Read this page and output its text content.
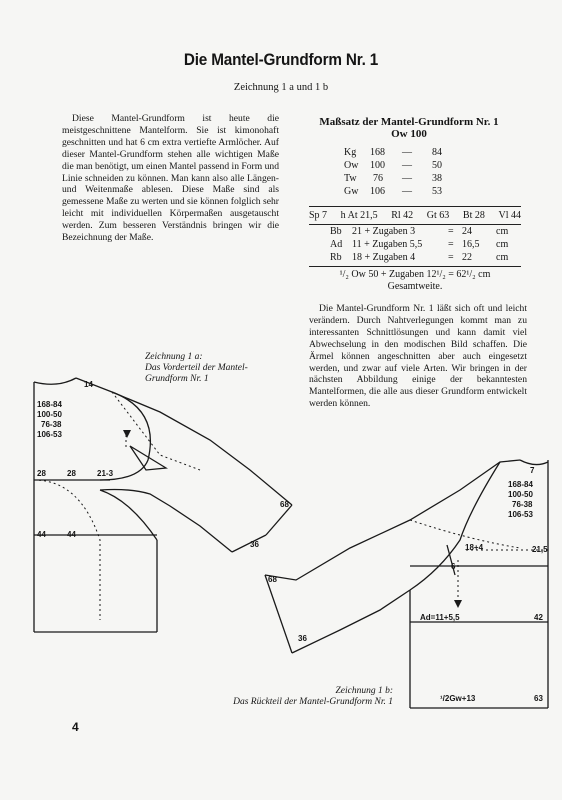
Die Mantel-Grundform Nr. 1
Zeichnung 1 a und 1 b
Diese Mantel-Grundform ist heute die meistgeschnittene Mantelform. Sie ist kimonohaft geschnitten und hat 6 cm extra vertiefte Armlöcher. Auf dieser Mantel-Grundform stehen alle wichtigen Maße die man benötigt, um einen Mantel passend in Form und Linie schneiden zu können. Man kann also alle Längen- und Weitenmaße ablesen. Diese Maße sind als gemessene Maße zu werten und sie können folglich sehr leicht mit individuellen Körpermaßen ausgetauscht werden. Zum besseren Verständnis bringen wir die Bezeichnung der Maße.
Maßsatz der Mantel-Grundform Nr. 1
Ow 100
Kg 168 — 84
Ow 100 — 50
Tw 76 — 38
Gw 106 — 53
Sp 7 h At 21,5 Rl 42 Gt 63 Bt 28 Vl 44
Bb 21 + Zugaben 3	= 24 cm
Ad 11 + Zugaben 5,5	= 16,5 cm
Rb 18 + Zugaben 4	= 22 cm
¹/₂ Ow 50 + Zugaben 12¹/₂ = 62¹/₂ cm
Gesamtweite.
Die Mantel-Grundform Nr. 1 läßt sich oft und leicht verändern. Durch Nahtverlegungen kommt man zu interessanten Schnittlösungen und kann damit viel Abwechselung in den modischen Bild schaffen. Die Ärmel können angeschnitten aber auch eingesetzt werden, und zwar auf viele Arten. Wir bringen in der nächsten Abbildung einige der bekanntesten Mantelformen, die alle aus dieser Grundform entwickelt werden können.
Zeichnung 1 a:
Das Vorderteil der Mantel-
Grundform Nr. 1
Zeichnung 1 b:
Das Rückteil der Mantel-Grundform Nr. 1
14
168-84
100-50
76-38
106-53
28	28	21-3
44	44
68
36
7
168-84
100-50
76-38
106-53
18+4	21,5
6
68
Ad=11+5,5	42
36
¹/2Gw+13	63
4
